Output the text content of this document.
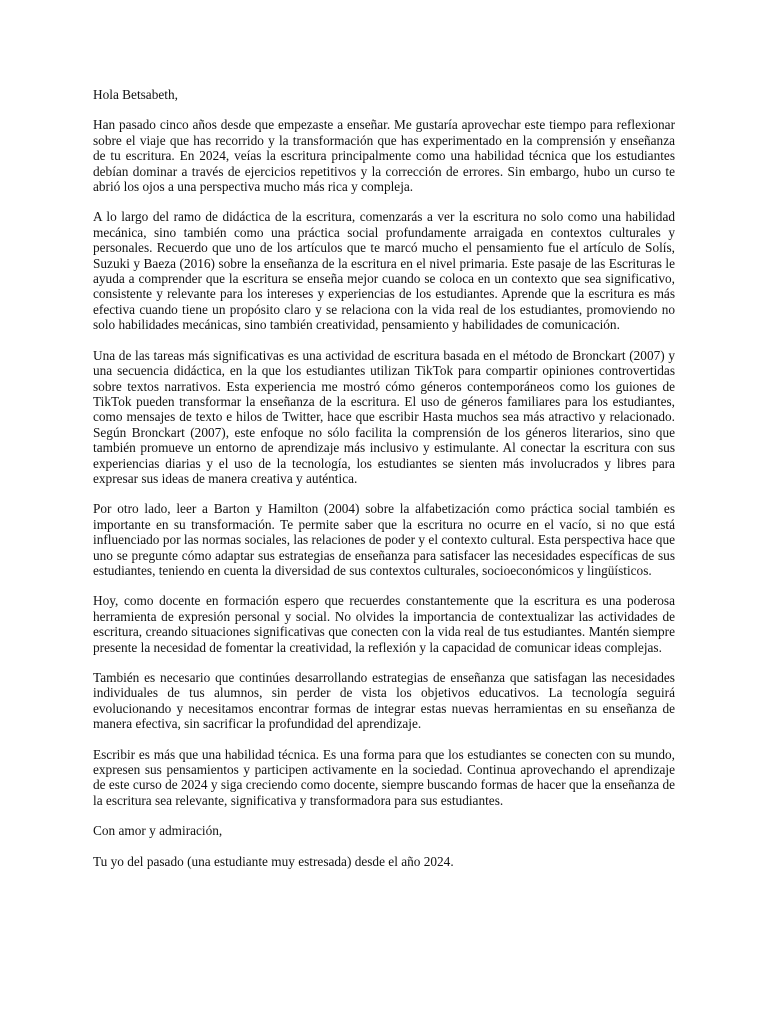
Hola Betsabeth,

Han pasado cinco años desde que empezaste a enseñar. Me gustaría aprovechar este tiempo para reflexionar sobre el viaje que has recorrido y la transformación que has experimentado en la comprensión y enseñanza de tu escritura. En 2024, veías la escritura principalmente como una habilidad técnica que los estudiantes debían dominar a través de ejercicios repetitivos y la corrección de errores. Sin embargo, hubo un curso te abrió los ojos a una perspectiva mucho más rica y compleja.

A lo largo del ramo de didáctica de la escritura, comenzarás a ver la escritura no solo como una habilidad mecánica, sino también como una práctica social profundamente arraigada en contextos culturales y personales. Recuerdo que uno de los artículos que te marcó mucho el pensamiento fue el artículo de Solís, Suzuki y Baeza (2016) sobre la enseñanza de la escritura en el nivel primaria. Este pasaje de las Escrituras le ayuda a comprender que la escritura se enseña mejor cuando se coloca en un contexto que sea significativo, consistente y relevante para los intereses y experiencias de los estudiantes. Aprende que la escritura es más efectiva cuando tiene un propósito claro y se relaciona con la vida real de los estudiantes, promoviendo no solo habilidades mecánicas, sino también creatividad, pensamiento y habilidades de comunicación.

Una de las tareas más significativas es una actividad de escritura basada en el método de Bronckart (2007) y una secuencia didáctica, en la que los estudiantes utilizan TikTok para compartir opiniones controvertidas sobre textos narrativos. Esta experiencia me mostró cómo géneros contemporáneos como los guiones de TikTok pueden transformar la enseñanza de la escritura. El uso de géneros familiares para los estudiantes, como mensajes de texto e hilos de Twitter, hace que escribir Hasta muchos sea más atractivo y relacionado. Según Bronckart (2007), este enfoque no sólo facilita la comprensión de los géneros literarios, sino que también promueve un entorno de aprendizaje más inclusivo y estimulante. Al conectar la escritura con sus experiencias diarias y el uso de la tecnología, los estudiantes se sienten más involucrados y libres para expresar sus ideas de manera creativa y auténtica.

Por otro lado, leer a Barton y Hamilton (2004) sobre la alfabetización como práctica social también es importante en su transformación. Te permite saber que la escritura no ocurre en el vacío, si no que está influenciado por las normas sociales, las relaciones de poder y el contexto cultural. Esta perspectiva hace que uno se pregunte cómo adaptar sus estrategias de enseñanza para satisfacer las necesidades específicas de sus estudiantes, teniendo en cuenta la diversidad de sus contextos culturales, socioeconómicos y lingüísticos.

Hoy, como docente en formación espero que recuerdes constantemente que la escritura es una poderosa herramienta de expresión personal y social. No olvides la importancia de contextualizar las actividades de escritura, creando situaciones significativas que conecten con la vida real de tus estudiantes. Mantén siempre presente la necesidad de fomentar la creatividad, la reflexión y la capacidad de comunicar ideas complejas.

También es necesario que continúes desarrollando estrategias de enseñanza que satisfagan las necesidades individuales de tus alumnos, sin perder de vista los objetivos educativos. La tecnología seguirá evolucionando y necesitamos encontrar formas de integrar estas nuevas herramientas en su enseñanza de manera efectiva, sin sacrificar la profundidad del aprendizaje.

Escribir es más que una habilidad técnica. Es una forma para que los estudiantes se conecten con su mundo, expresen sus pensamientos y participen activamente en la sociedad. Continua aprovechando el aprendizaje de este curso de 2024 y siga creciendo como docente, siempre buscando formas de hacer que la enseñanza de la escritura sea relevante, significativa y transformadora para sus estudiantes.

Con amor y admiración,

Tu yo del pasado (una estudiante muy estresada) desde el año 2024.
